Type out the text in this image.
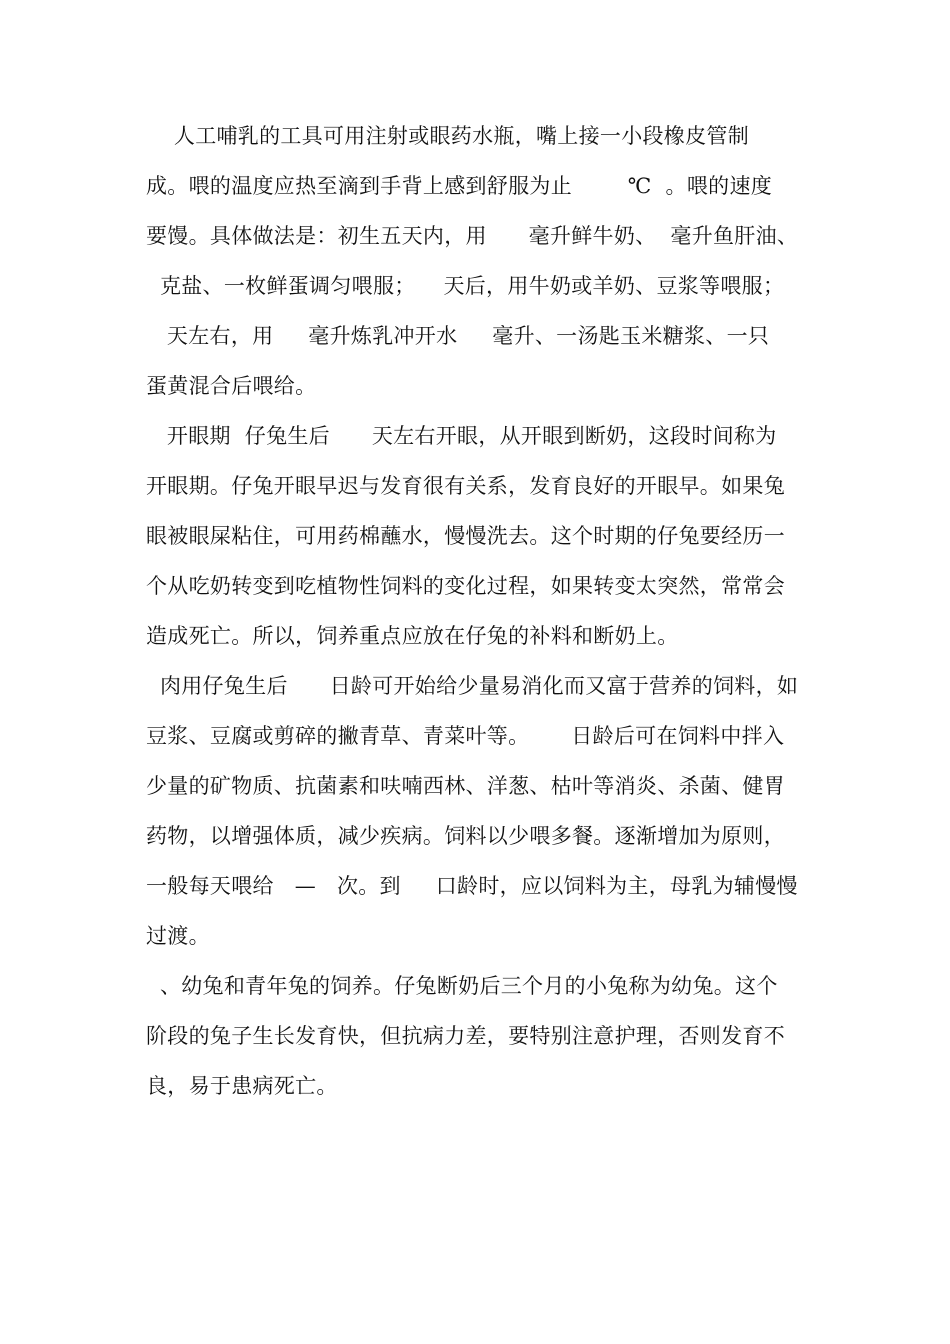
人工哺乳的工具可用注射或眼药水瓶，嘴上接一小段橡皮管制
成。喂的温度应热至滴到手背上感到舒服为止        ℃  。喂的速度
要馒。具体做法是：初生五天内，用      毫升鲜牛奶、  毫升鱼肝油、
克盐、一枚鲜蛋调匀喂服；    天后，用牛奶或羊奶、豆浆等喂服；
天左右，用     毫升炼乳冲开水     毫升、一汤匙玉米糖浆、一只
蛋黄混合后喂给。
开眼期  仔兔生后      天左右开眼，从开眼到断奶，这段时间称为
开眼期。仔兔开眼早迟与发育很有关系，发育良好的开眼早。如果兔
眼被眼屎粘住，可用药棉蘸水，慢慢洗去。这个时期的仔兔要经历一
个从吃奶转变到吃植物性饲料的变化过程，如果转变太突然，常常会
造成死亡。所以，饲养重点应放在仔兔的补料和断奶上。
肉用仔兔生后      日龄可开始给少量易消化而又富于营养的饲料，如
豆浆、豆腐或剪碎的撇青草、青菜叶等。      日龄后可在饲料中拌入
少量的矿物质、抗菌素和呋喃西林、洋葱、枯叶等消炎、杀菌、健胃
药物，以增强体质，减少疾病。饲料以少喂多餐。逐渐增加为原则，
一般每天喂给   —   次。到     口龄时，应以饲料为主，母乳为辅慢慢
过渡。
、幼兔和青年兔的饲养。仔兔断奶后三个月的小兔称为幼兔。这个
阶段的兔子生长发育快，但抗病力差，要特别注意护理，否则发育不
良，易于患病死亡。
